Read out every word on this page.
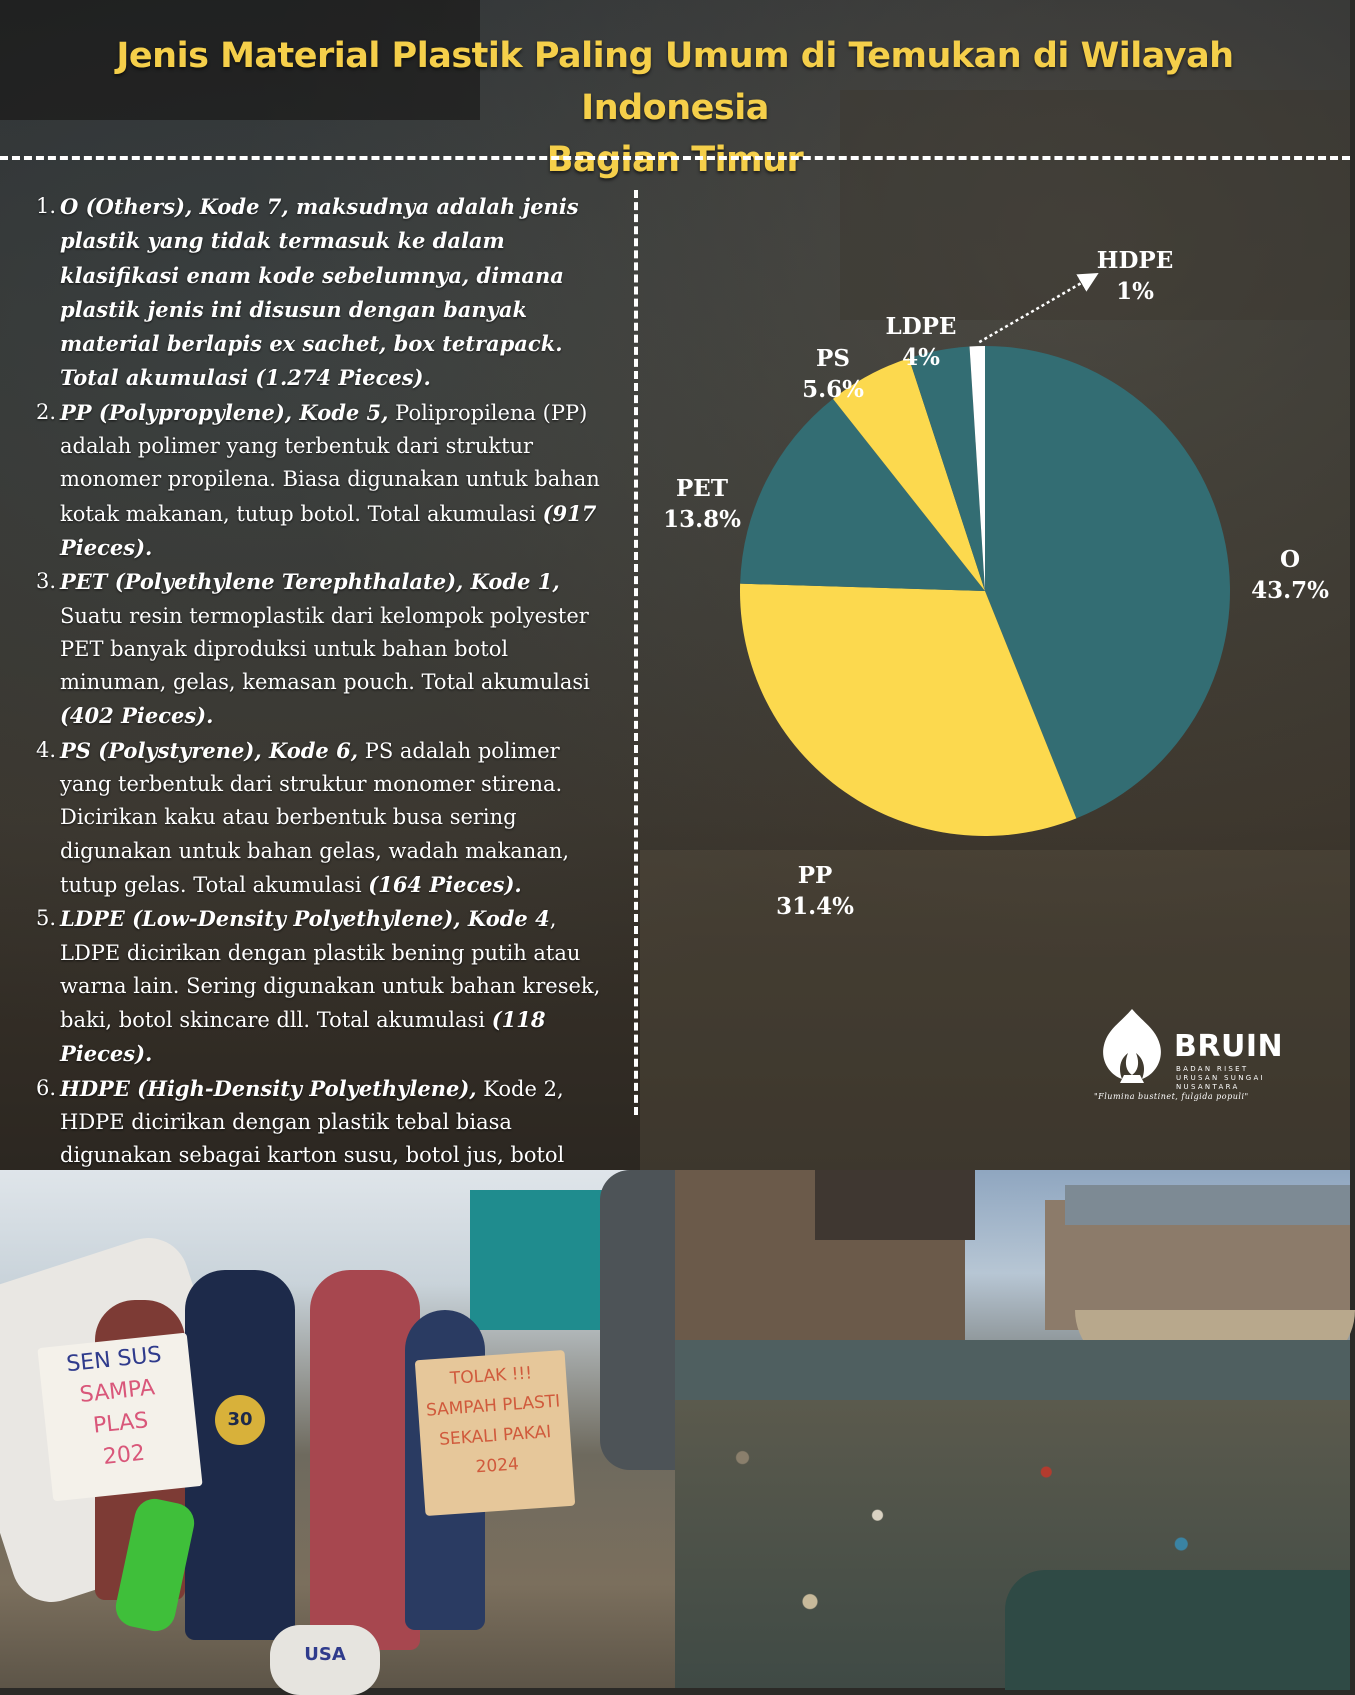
Jenis Material Plastik Paling Umum di Temukan di Wilayah Indonesia
Bagian Timur
1. O (Others), Kode 7, maksudnya adalah jenis plastik yang tidak termasuk ke dalam klasifikasi enam kode sebelumnya, dimana plastik jenis ini disusun dengan banyak material berlapis ex sachet, box tetrapack. Total akumulasi (1.274 Pieces).
2. PP (Polypropylene), Kode 5, Polipropilena (PP) adalah polimer yang terbentuk dari struktur monomer propilena. Biasa digunakan untuk bahan kotak makanan, tutup botol. Total akumulasi (917 Pieces).
3. PET (Polyethylene Terephthalate), Kode 1, Suatu resin termoplastik dari kelompok polyester PET banyak diproduksi untuk bahan botol minuman, gelas, kemasan pouch. Total akumulasi (402 Pieces).
4. PS (Polystyrene), Kode 6, PS adalah polimer yang terbentuk dari struktur monomer stirena. Dicirikan kaku atau berbentuk busa sering digunakan untuk bahan gelas, wadah makanan, tutup gelas. Total akumulasi (164 Pieces).
5. LDPE (Low-Density Polyethylene), Kode 4, LDPE dicirikan dengan plastik bening putih atau warna lain. Sering digunakan untuk bahan kresek, baki, botol skincare dll. Total akumulasi (118 Pieces).
6. HDPE (High-Density Polyethylene), Kode 2, HDPE dicirikan dengan plastik tebal biasa digunakan sebagai karton susu, botol jus, botol
O
43.7%
PP
31.4%
PET
13.8%
PS
5.6%
LDPE
4%
HDPE
1%
BRUIN
BADAN RISET
URUSAN SUNGAI
NUSANTARA
"Flumina bustinet, fulgida populi"
SEN SUS
SAMPA
PLAS
202
TOLAK !!!
SAMPAH PLASTI
SEKALI PAKAI
2024
30
USA
